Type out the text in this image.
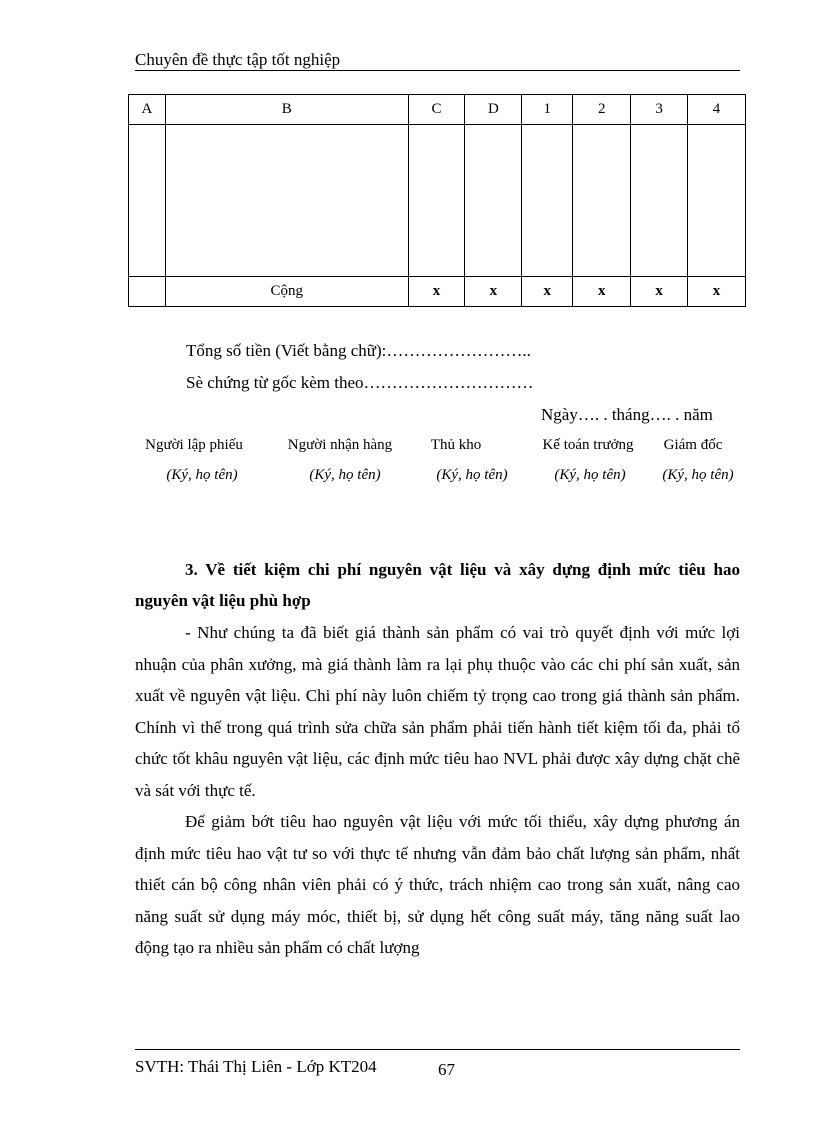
Chuyên đề thực tập tốt nghiệp
A	B	C	D	1	2	3	4

	Cộng	x	x	x	x	x	x
Tổng số tiền (Viết bằng chữ):……………………..
Sè chứng từ gốc kèm theo…………………………
Ngày…. . tháng…. . năm
Người lập phiếu	Người nhận hàng	Thủ kho	Kế toán trưởng	Giám đốc
(Ký, họ tên)	(Ký, họ tên)	(Ký, họ tên)	(Ký, họ tên)	(Ký, họ tên)
3. Về tiết kiệm chi phí nguyên vật liệu và xây dựng định mức tiêu hao nguyên vật liệu phù hợp

- Như chúng ta đã biết giá thành sản phẩm có vai trò quyết định với mức lợi nhuận của phân xưởng, mà giá thành làm ra lại phụ thuộc vào các chi phí sản xuất, sản xuất về nguyên vật liệu. Chi phí này luôn chiếm tỷ trọng cao trong giá thành sản phẩm. Chính vì thế trong quá trình sửa chữa sản phẩm phải tiến hành tiết kiệm tối đa, phải tổ chức tốt khâu nguyên vật liệu, các định mức tiêu hao NVL phải được xây dựng chặt chẽ và sát với thực tế.

Để giảm bớt tiêu hao nguyên vật liệu với mức tối thiểu, xây dựng phương án định mức tiêu hao vật tư so với thực tế nhưng vẫn đảm bảo chất lượng sản phẩm, nhất thiết cán bộ công nhân viên phải có ý thức, trách nhiệm cao trong sản xuất, nâng cao năng suất sử dụng máy móc, thiết bị, sử dụng hết công suất máy, tăng năng suất lao động tạo ra nhiều sản phẩm có chất lượng

SVTH: Thái Thị Liên - Lớp KT204	67
